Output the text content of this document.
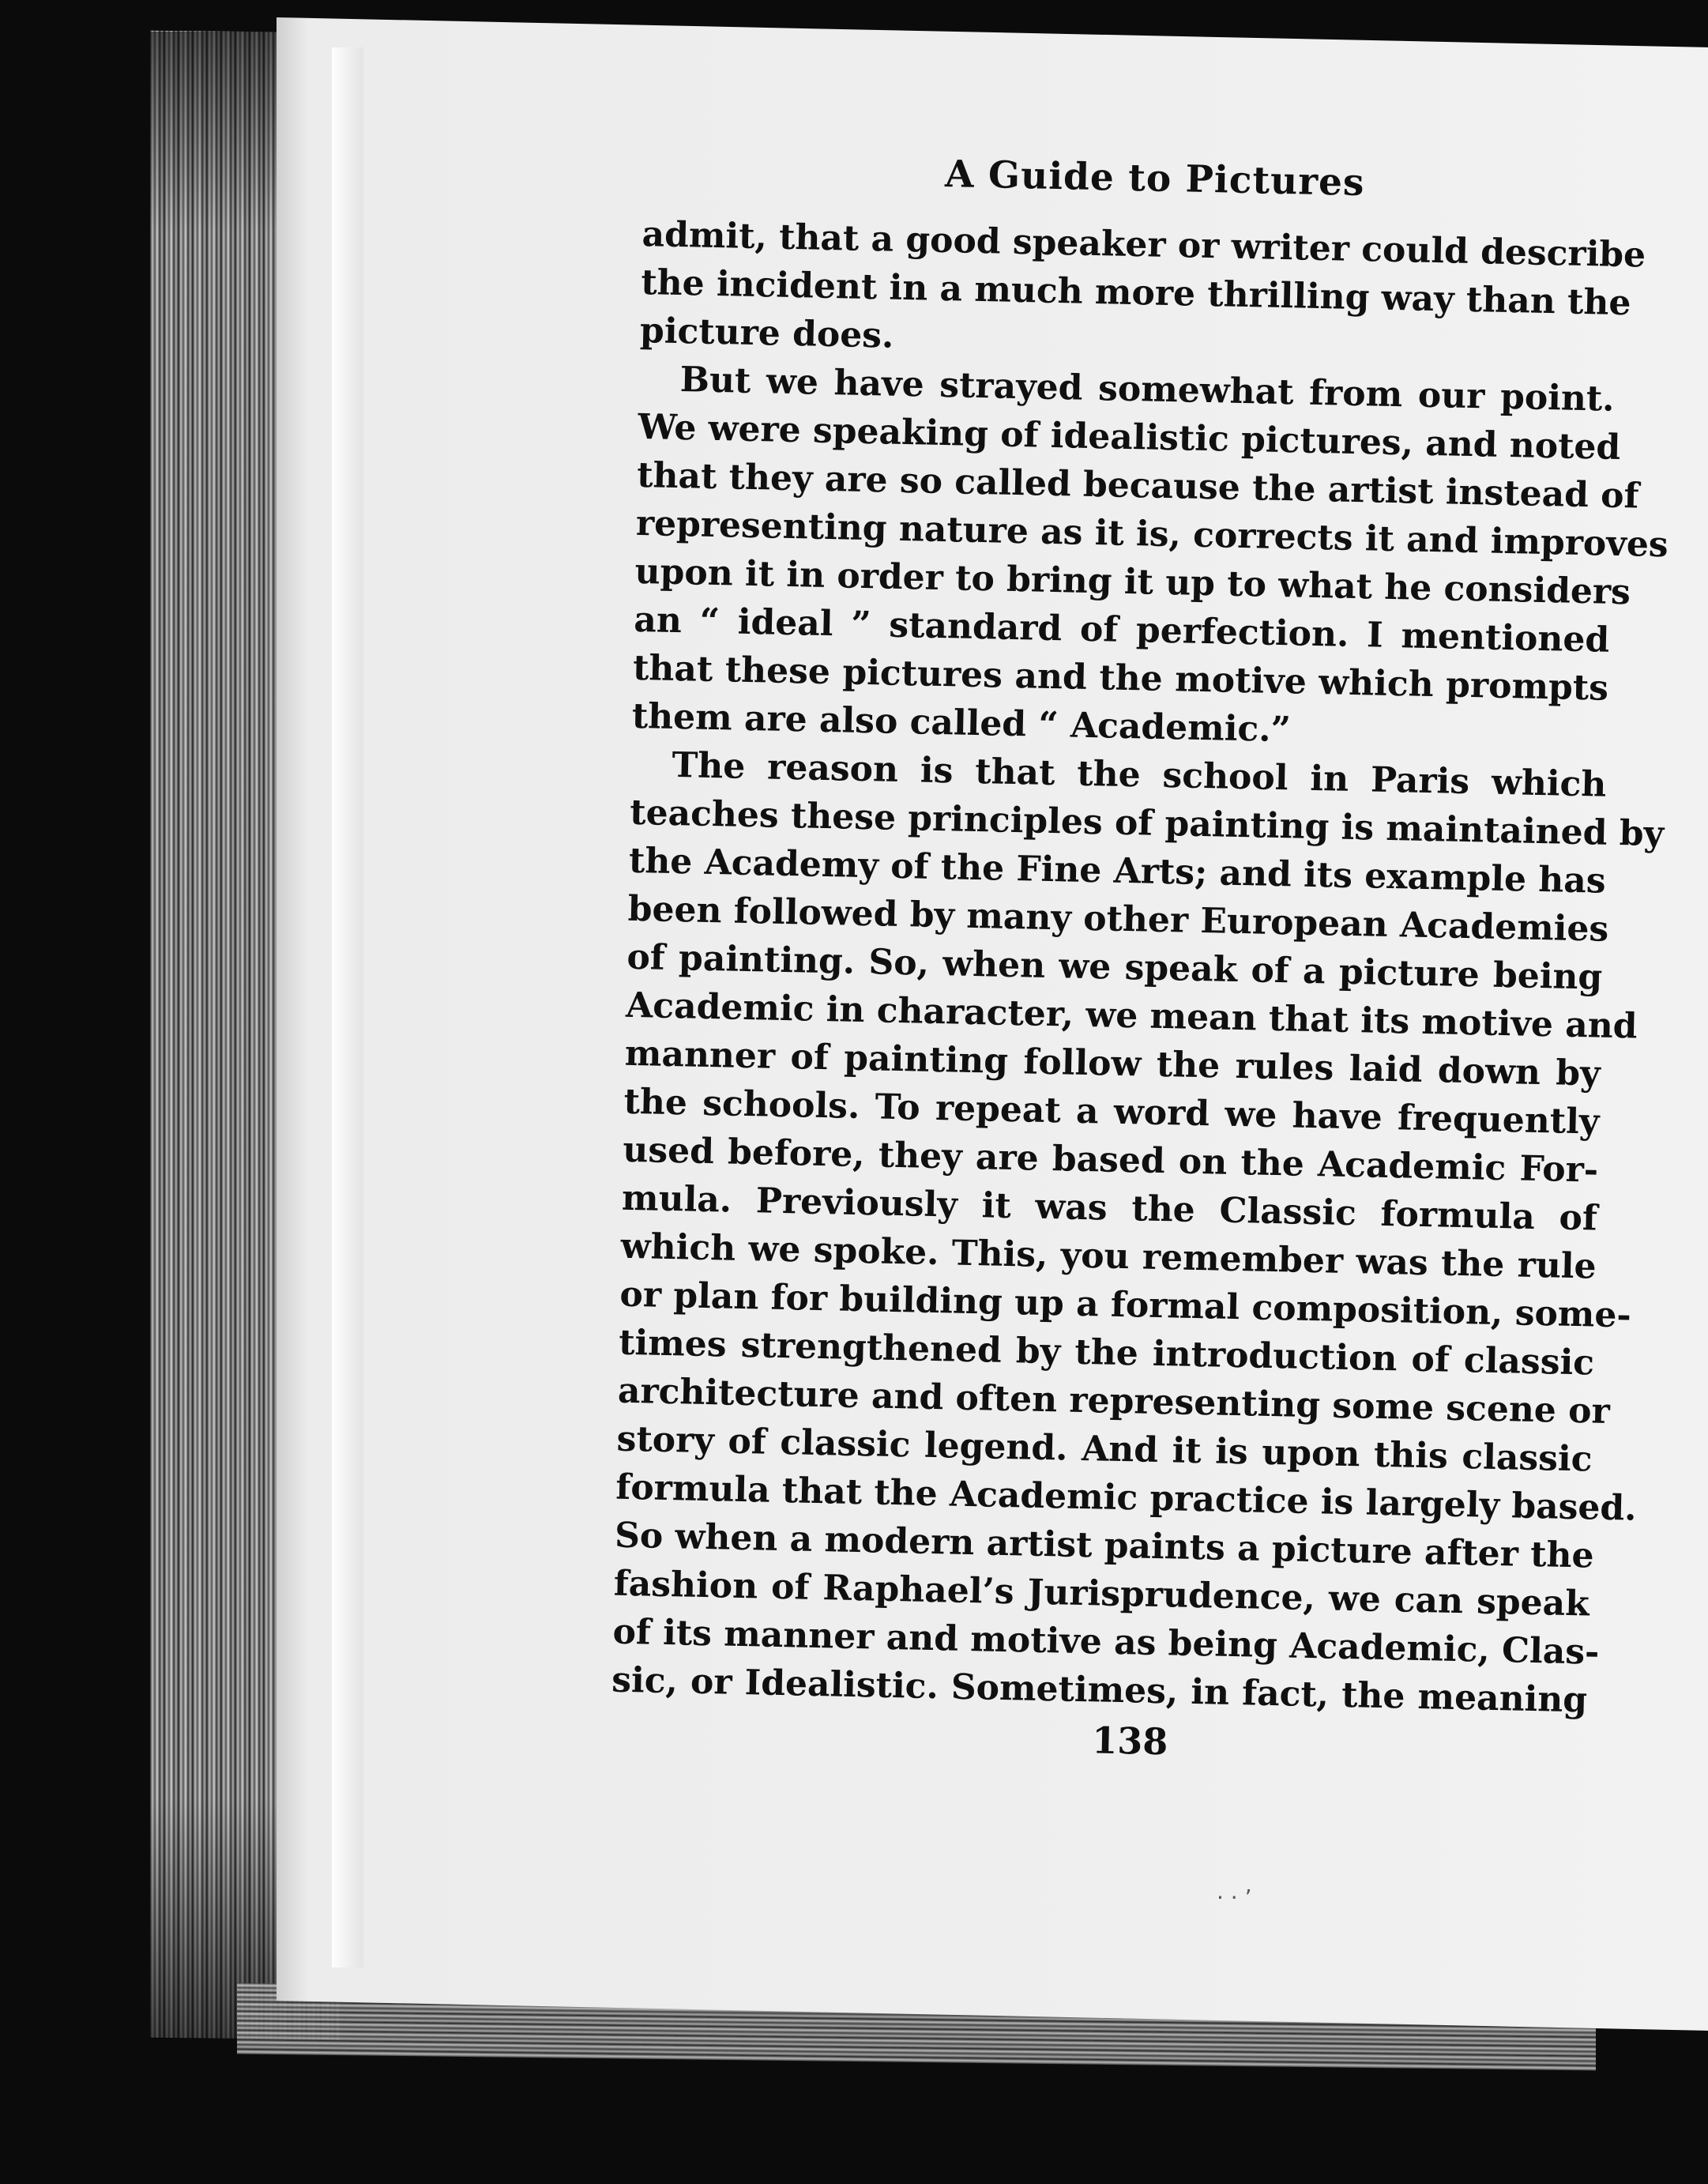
A Guide to Pictures
admit, that a good speaker or writer could describe
the incident in a much more thrilling way than the
picture does.
But we have strayed somewhat from our point.
We were speaking of idealistic pictures, and noted
that they are so called because the artist instead of
representing nature as it is, corrects it and improves
upon it in order to bring it up to what he considers
an “ ideal ” standard of perfection. I mentioned
that these pictures and the motive which prompts
them are also called “ Academic.”
The reason is that the school in Paris which
teaches these principles of painting is maintained by
the Academy of the Fine Arts; and its example has
been followed by many other European Academies
of painting. So, when we speak of a picture being
Academic in character, we mean that its motive and
manner of painting follow the rules laid down by
the schools. To repeat a word we have frequently
used before, they are based on the Academic For-
mula. Previously it was the Classic formula of
which we spoke. This, you remember was the rule
or plan for building up a formal composition, some-
times strengthened by the introduction of classic
architecture and often representing some scene or
story of classic legend. And it is upon this classic
formula that the Academic practice is largely based.
So when a modern artist paints a picture after the
fashion of Raphael’s Jurisprudence, we can speak
of its manner and motive as being Academic, Clas-
sic, or Idealistic. Sometimes, in fact, the meaning
138
⋅ ⋅ ’
